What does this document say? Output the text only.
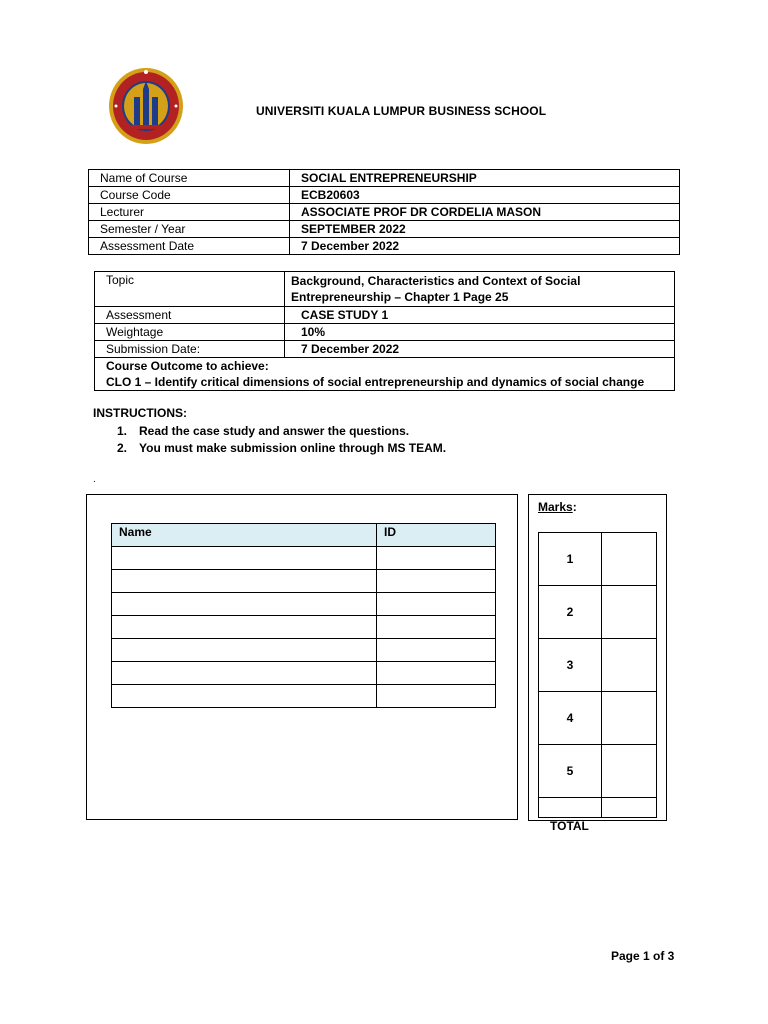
UNIVERSITI KUALA LUMPUR BUSINESS SCHOOL
Name of Course	SOCIAL ENTREPRENEURSHIP
Course Code	ECB20603
Lecturer	ASSOCIATE PROF DR CORDELIA MASON
Semester / Year	SEPTEMBER 2022
Assessment Date	7 December 2022
Topic	Background, Characteristics and Context of Social
Entrepreneurship – Chapter 1 Page 25
Assessment	CASE STUDY 1
Weightage	10%
Submission Date:	7 December 2022
Course Outcome to achieve:
CLO 1 – Identify critical dimensions of social entrepreneurship and dynamics of social change	
INSTRUCTIONS:
1. Read the case study and answer the questions.
2. You must make submission online through MS TEAM.
.
Name	ID

Marks:
1	
2	
3	
4	
5	

TOTAL
Page 1 of 3
